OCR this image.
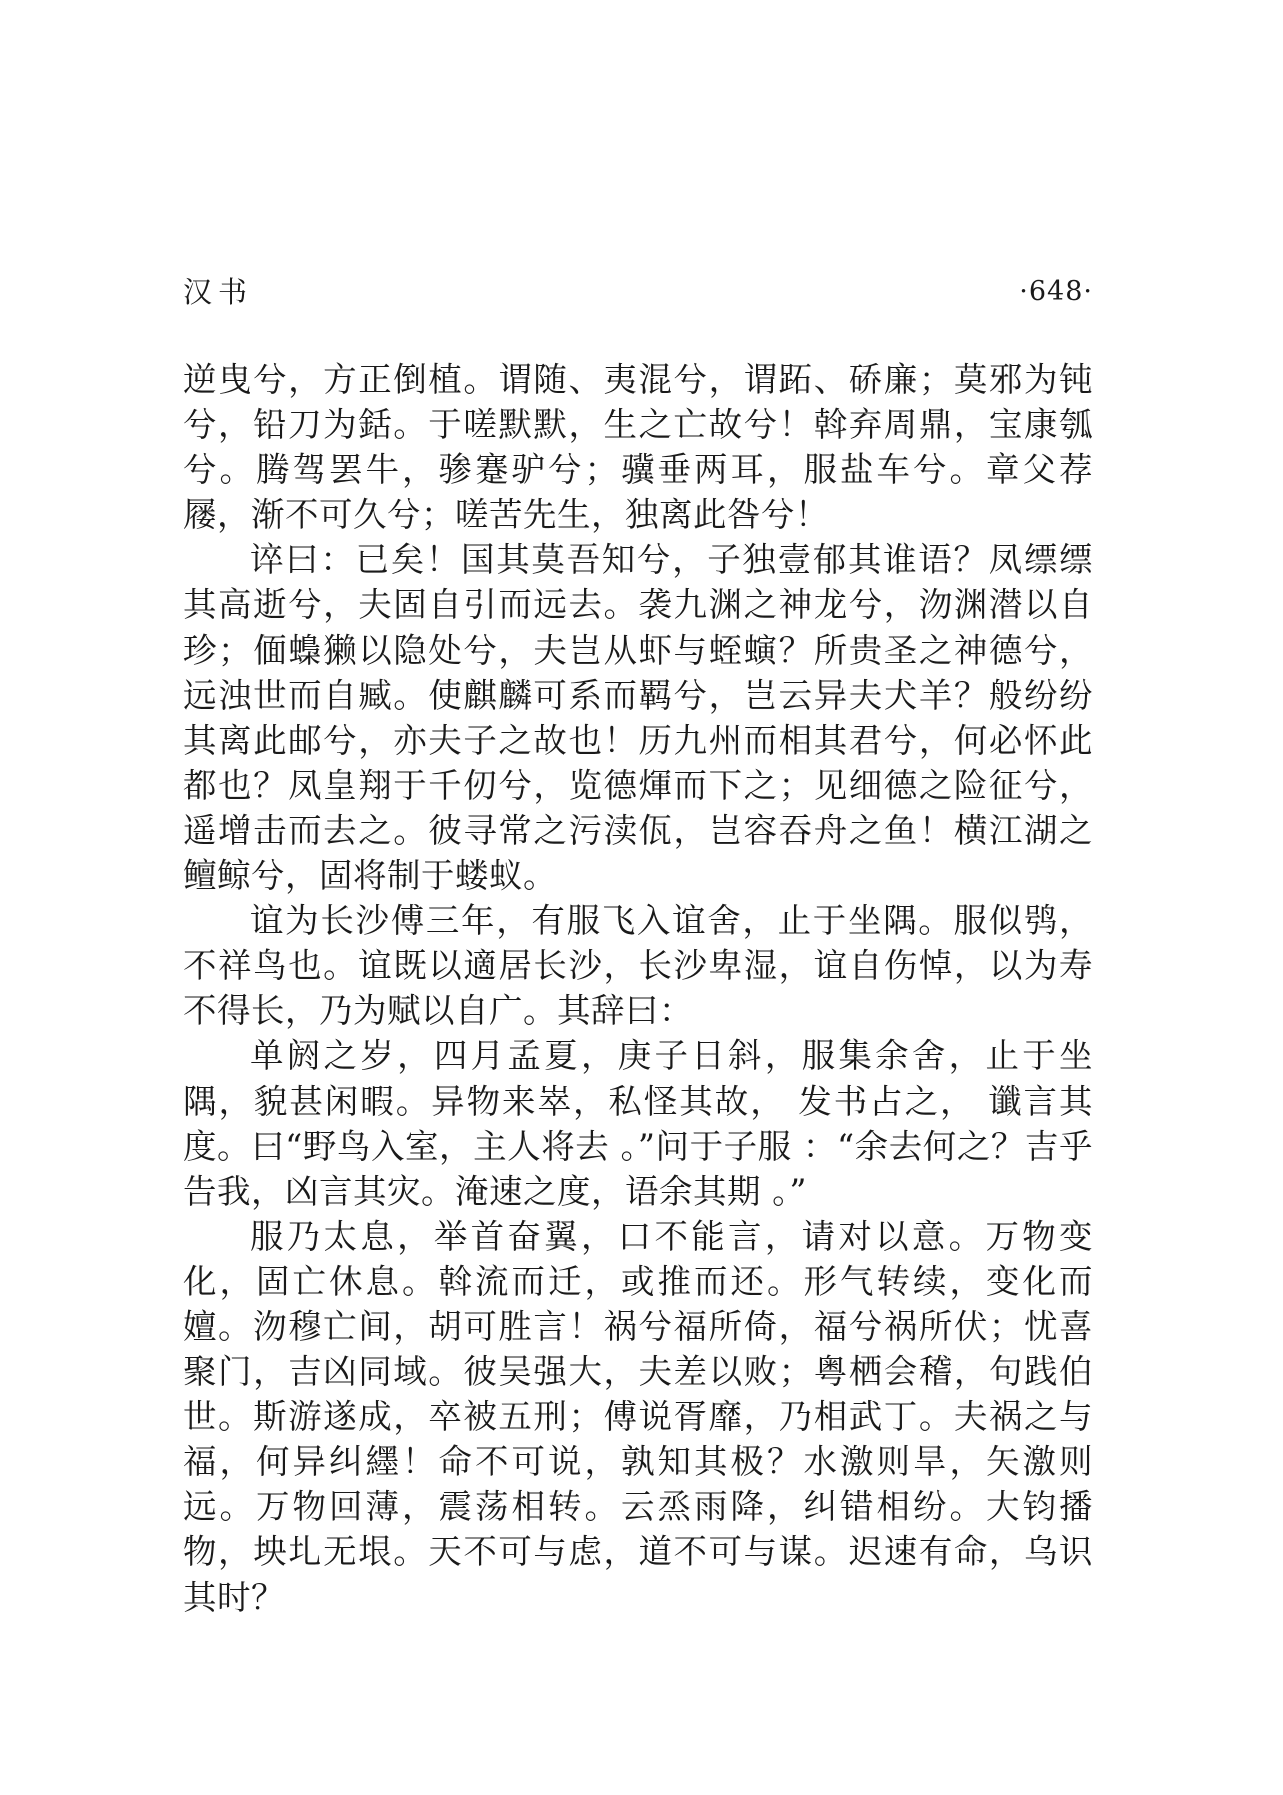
汉书	·648·

逆曳兮，方正倒植。谓随、夷混兮，谓跖、硚廉；莫邪为钝兮，铅刀为銛。于嗟默默，生之亡故兮！斡弃周鼎，宝康瓠兮。腾驾罢牛，骖蹇驴兮；骥垂两耳，服盐车兮。章父荐屦，渐不可久兮；嗟苦先生，独离此咎兮！

谇曰：已矣！国其莫吾知兮，子独壹郁其谁语？凤缥缥其高逝兮，夫固自引而远去。袭九渊之神龙兮，沕渊潜以自珍；偭蟂獭以隐处兮，夫岂从虾与蛭螾？所贵圣之神德兮，远浊世而自臧。使麒麟可系而羁兮，岂云异夫犬羊？般纷纷其离此邮兮，亦夫子之故也！历九州而相其君兮，何必怀此都也？凤皇翔于千仞兮，览德煇而下之；见细德之险征兮，遥增击而去之。彼寻常之污渎佤，岂容吞舟之鱼！横江湖之鳣鲸兮，固将制于蝼蚁。

谊为长沙傅三年，有服飞入谊舍，止于坐隅。服似鸮，不祥鸟也。谊既以適居长沙，长沙卑湿，谊自伤悼，以为寿不得长，乃为赋以自广。其辞曰：

单阏之岁，四月孟夏，庚子日斜，服集余舍，止于坐隅，貌甚闲暇。异物来崒，私怪其故， 发书占之， 谶言其度。曰“野鸟入室，主人将去 。”问于子服 ：“余去何之？吉乎告我，凶言其灾。淹速之度，语余其期 。”

服乃太息，举首奋翼，口不能言，请对以意。万物变化，固亡休息。斡流而迁，或推而还。形气转续，变化而嬗。沕穆亡间，胡可胜言！祸兮福所倚，福兮祸所伏；忧喜聚门，吉凶同域。彼吴强大，夫差以败；粤栖会稽，句践伯世。斯游遂成，卒被五刑；傅说胥靡，乃相武丁。夫祸之与福，何异纠纆！命不可说，孰知其极？水激则旱，矢激则远。万物回薄，震荡相转。云烝雨降，纠错相纷。大钧播物，坱圠无垠。天不可与虑，道不可与谋。迟速有命，乌识其时？
